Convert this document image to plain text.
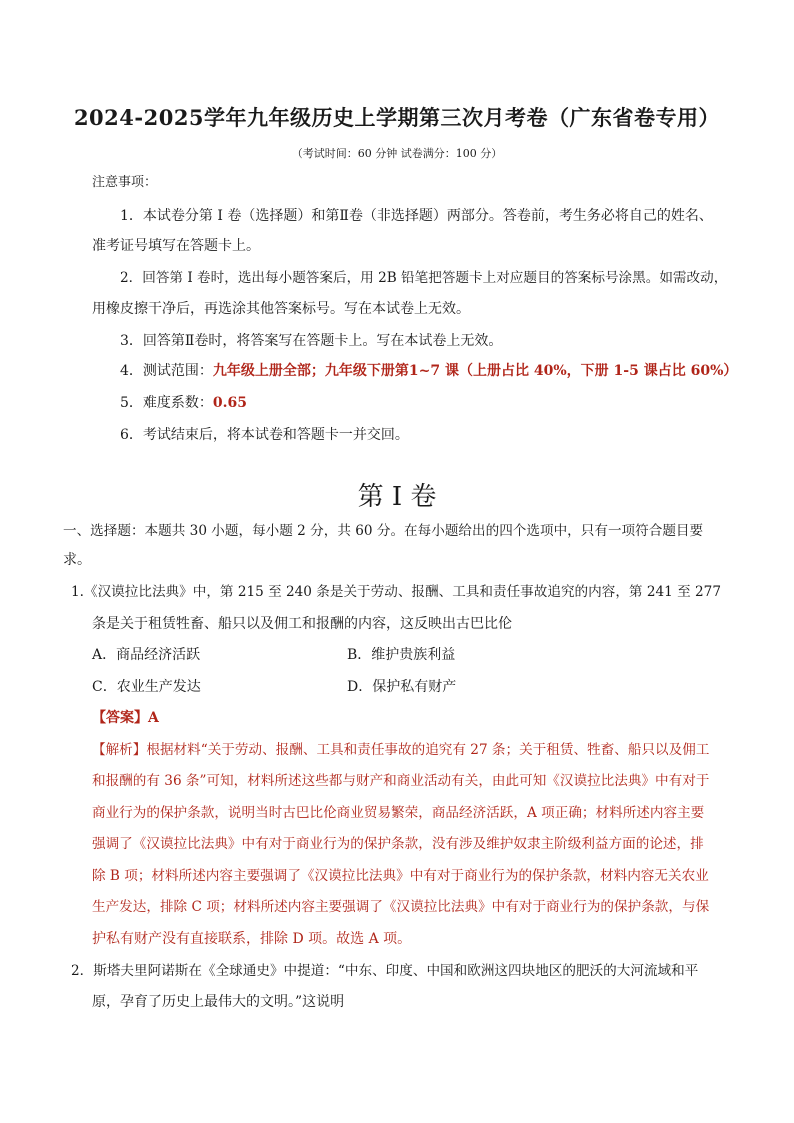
2024-2025学年九年级历史上学期第三次月考卷（广东省卷专用）
（考试时间：60 分钟 试卷满分：100 分）
注意事项：
1．本试卷分第 I 卷（选择题）和第Ⅱ卷（非选择题）两部分。答卷前，考生务必将自己的姓名、
准考证号填写在答题卡上。
2．回答第 I 卷时，选出每小题答案后，用 2B 铅笔把答题卡上对应题目的答案标号涂黑。如需改动，
用橡皮擦干净后，再选涂其他答案标号。写在本试卷上无效。
3．回答第Ⅱ卷时，将答案写在答题卡上。写在本试卷上无效。
4．测试范围：九年级上册全部；九年级下册第1~7 课（上册占比 40%，下册 1-5 课占比 60%）
5．难度系数：0.65
6．考试结束后，将本试卷和答题卡一并交回。
第 I 卷
一、选择题：本题共 30 小题，每小题 2 分，共 60 分。在每小题给出的四个选项中，只有一项符合题目要
求。
1.《汉谟拉比法典》中，第 215 至 240 条是关于劳动、报酬、工具和责任事故追究的内容，第 241 至 277
条是关于租赁牲畜、船只以及佣工和报酬的内容，这反映出古巴比伦
A．商品经济活跃	B．维护贵族利益
C．农业生产发达	D．保护私有财产
【答案】A
【解析】根据材料“关于劳动、报酬、工具和责任事故的追究有 27 条；关于租赁、牲畜、船只以及佣工
和报酬的有 36 条”可知，材料所述这些都与财产和商业活动有关，由此可知《汉谟拉比法典》中有对于
商业行为的保护条款，说明当时古巴比伦商业贸易繁荣，商品经济活跃，A 项正确；材料所述内容主要
强调了《汉谟拉比法典》中有对于商业行为的保护条款，没有涉及维护奴隶主阶级利益方面的论述，排
除 B 项；材料所述内容主要强调了《汉谟拉比法典》中有对于商业行为的保护条款，材料内容无关农业
生产发达，排除 C 项；材料所述内容主要强调了《汉谟拉比法典》中有对于商业行为的保护条款，与保
护私有财产没有直接联系，排除 D 项。故选 A 项。
2．斯塔夫里阿诺斯在《全球通史》中提道：“中东、印度、中国和欧洲这四块地区的肥沃的大河流域和平
原，孕育了历史上最伟大的文明。”这说明
